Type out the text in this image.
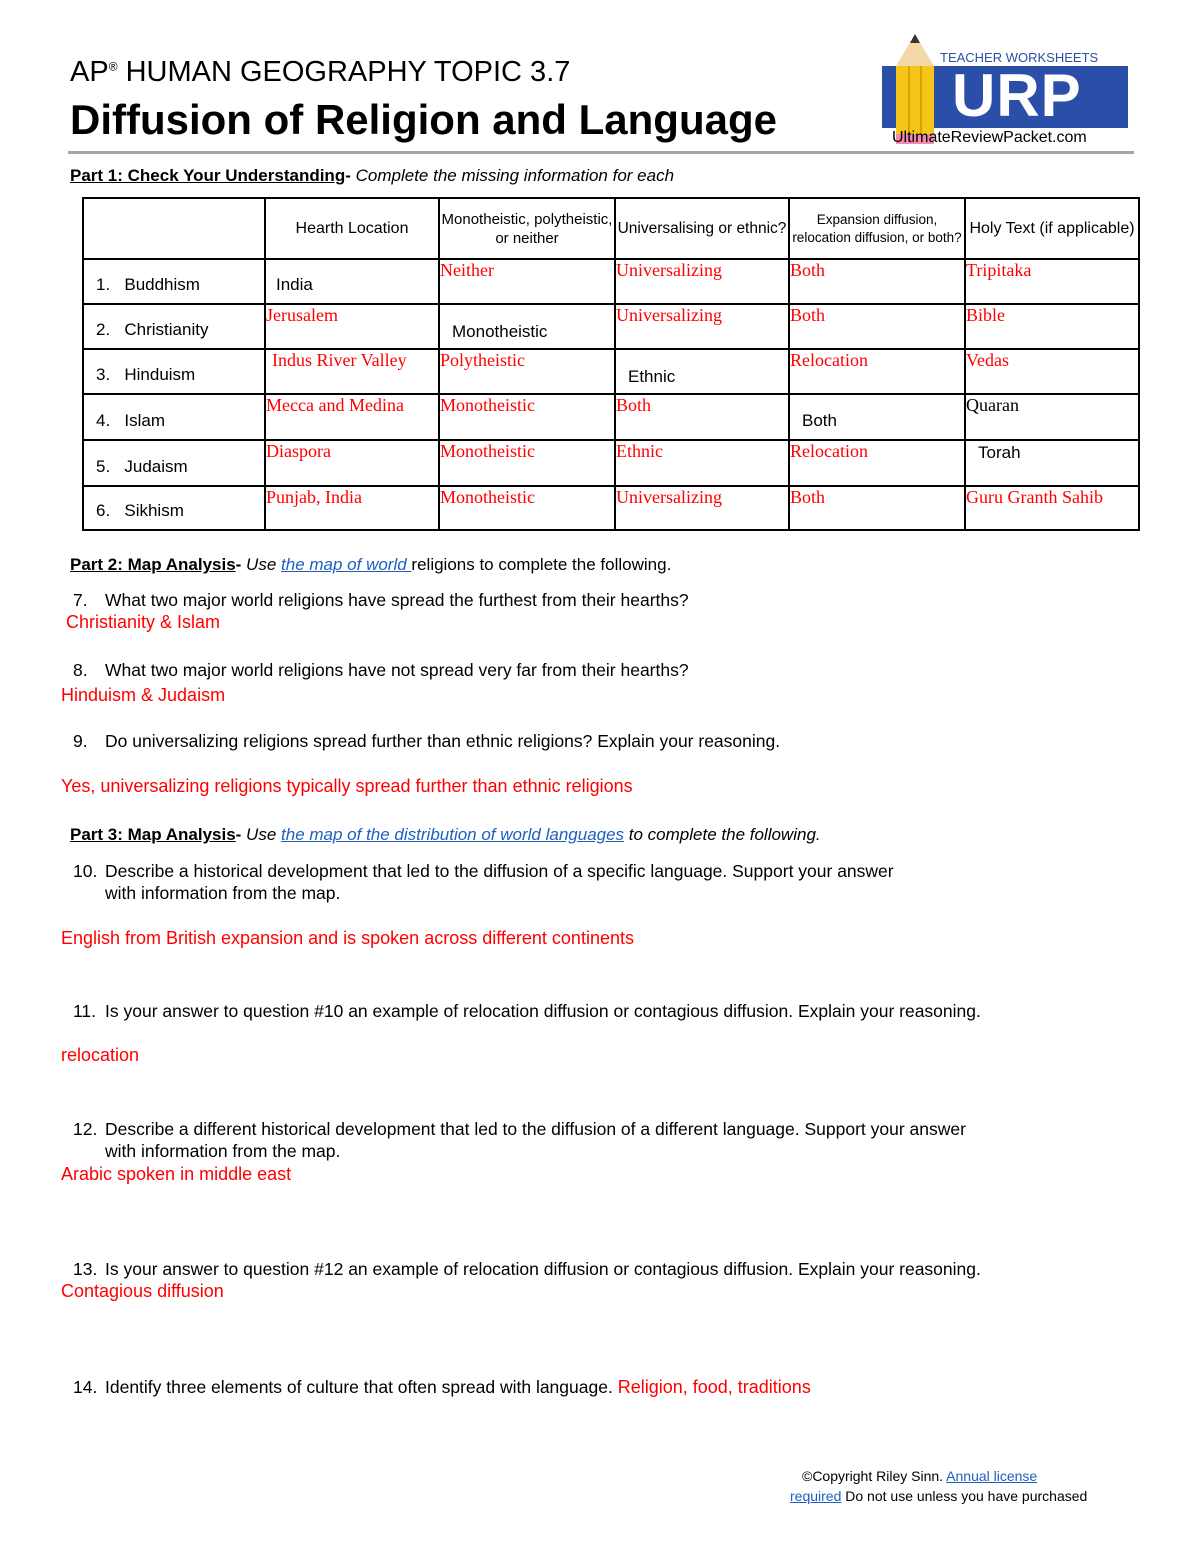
AP® HUMAN GEOGRAPHY TOPIC 3.7
Diffusion of Religion and Language
TEACHER WORKSHEETS
URP
UltimateReviewPacket.com
Part 1: Check Your Understanding- Complete the missing information for each
	Hearth Location	Monotheistic, polytheistic, or neither	Universalising or ethnic?	Expansion diffusion, relocation diffusion, or both?	Holy Text (if applicable)
1. Buddhism	India	Neither	Universalizing	Both	Tripitaka
2. Christianity	Jerusalem	Monotheistic	Universalizing	Both	Bible
3. Hinduism	Indus River Valley	Polytheistic	Ethnic	Relocation	Vedas
4. Islam	Mecca and Medina	Monotheistic	Both	Both	Quaran
5. Judaism	Diaspora	Monotheistic	Ethnic	Relocation	Torah
6. Sikhism	Punjab, India	Monotheistic	Universalizing	Both	Guru Granth Sahib
Part 2: Map Analysis- Use the map of world religions to complete the following.
7. What two major world religions have spread the furthest from their hearths?
Christianity & Islam
8. What two major world religions have not spread very far from their hearths?
Hinduism & Judaism
9. Do universalizing religions spread further than ethnic religions? Explain your reasoning.
Yes, universalizing religions typically spread further than ethnic religions
Part 3: Map Analysis- Use the map of the distribution of world languages to complete the following.
10. Describe a historical development that led to the diffusion of a specific language. Support your answer
with information from the map.
English from British expansion and is spoken across different continents
11. Is your answer to question #10 an example of relocation diffusion or contagious diffusion. Explain your reasoning.
relocation
12. Describe a different historical development that led to the diffusion of a different language. Support your answer
with information from the map.
Arabic spoken in middle east
13. Is your answer to question #12 an example of relocation diffusion or contagious diffusion. Explain your reasoning.
Contagious diffusion
14. Identify three elements of culture that often spread with language. Religion, food, traditions
©Copyright Riley Sinn. Annual license
required Do not use unless you have purchased
